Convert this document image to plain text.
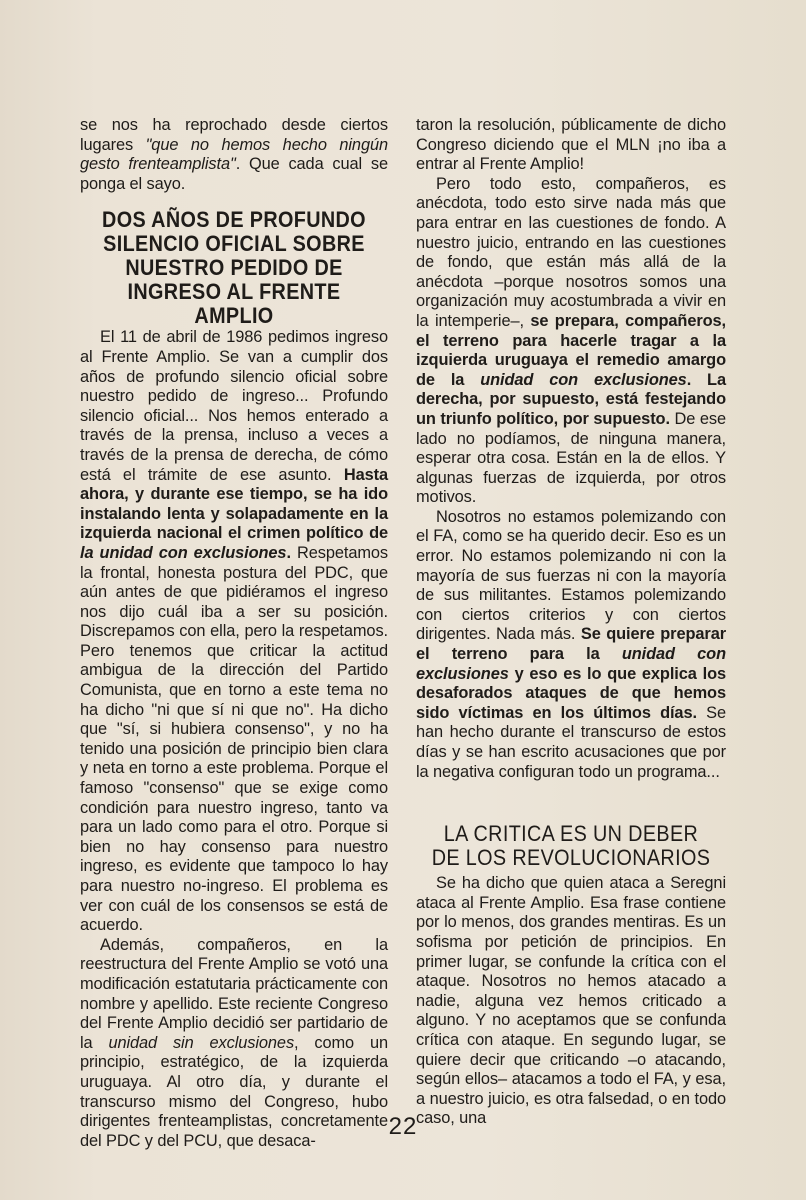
se nos ha reprochado desde ciertos lugares "que no hemos hecho ningún gesto frenteamplista". Que cada cual se ponga el sayo.

DOS AÑOS DE PROFUNDO SILENCIO OFICIAL SOBRE NUESTRO PEDIDO DE INGRESO AL FRENTE AMPLIO

El 11 de abril de 1986 pedimos ingreso al Frente Amplio. Se van a cumplir dos años de profundo silencio oficial sobre nuestro pedido de ingreso... Profundo silencio oficial... Nos hemos enterado a través de la prensa, incluso a veces a través de la prensa de derecha, de cómo está el trámite de ese asunto. Hasta ahora, y durante ese tiempo, se ha ido instalando lenta y solapadamente en la izquierda nacional el crimen político de la unidad con exclusiones. Respetamos la frontal, honesta postura del PDC, que aún antes de que pidiéramos el ingreso nos dijo cuál iba a ser su posición. Discrepamos con ella, pero la respetamos. Pero tenemos que criticar la actitud ambigua de la dirección del Partido Comunista, que en torno a este tema no ha dicho "ni que sí ni que no". Ha dicho que "sí, si hubiera consenso", y no ha tenido una posición de principio bien clara y neta en torno a este problema. Porque el famoso "consenso" que se exige como condición para nuestro ingreso, tanto va para un lado como para el otro. Porque si bien no hay consenso para nuestro ingreso, es evidente que tampoco lo hay para nuestro no-ingreso. El problema es ver con cuál de los consensos se está de acuerdo.

Además, compañeros, en la reestructura del Frente Amplio se votó una modificación estatutaria prácticamente con nombre y apellido. Este reciente Congreso del Frente Amplio decidió ser partidario de la unidad sin exclusiones, como un principio, estratégico, de la izquierda uruguaya. Al otro día, y durante el transcurso mismo del Congreso, hubo dirigentes frenteamplistas, concretamente del PDC y del PCU, que desaca-

taron la resolución, públicamente de dicho Congreso diciendo que el MLN ¡no iba a entrar al Frente Amplio!

Pero todo esto, compañeros, es anécdota, todo esto sirve nada más que para entrar en las cuestiones de fondo. A nuestro juicio, entrando en las cuestiones de fondo, que están más allá de la anécdota –porque nosotros somos una organización muy acostumbrada a vivir en la intemperie–, se prepara, compañeros, el terreno para hacerle tragar a la izquierda uruguaya el remedio amargo de la unidad con exclusiones. La derecha, por supuesto, está festejando un triunfo político, por supuesto. De ese lado no podíamos, de ninguna manera, esperar otra cosa. Están en la de ellos. Y algunas fuerzas de izquierda, por otros motivos.

Nosotros no estamos polemizando con el FA, como se ha querido decir. Eso es un error. No estamos polemizando ni con la mayoría de sus fuerzas ni con la mayoría de sus militantes. Estamos polemizando con ciertos criterios y con ciertos dirigentes. Nada más. Se quiere preparar el terreno para la unidad con exclusiones y eso es lo que explica los desaforados ataques de que hemos sido víctimas en los últimos días. Se han hecho durante el transcurso de estos días y se han escrito acusaciones que por la negativa configuran todo un programa...

LA CRITICA ES UN DEBER DE LOS REVOLUCIONARIOS

Se ha dicho que quien ataca a Seregni ataca al Frente Amplio. Esa frase contiene por lo menos, dos grandes mentiras. Es un sofisma por petición de principios. En primer lugar, se confunde la crítica con el ataque. Nosotros no hemos atacado a nadie, alguna vez hemos criticado a alguno. Y no aceptamos que se confunda crítica con ataque. En segundo lugar, se quiere decir que criticando –o atacando, según ellos– atacamos a todo el FA, y esa, a nuestro juicio, es otra falsedad, o en todo caso, una

22
